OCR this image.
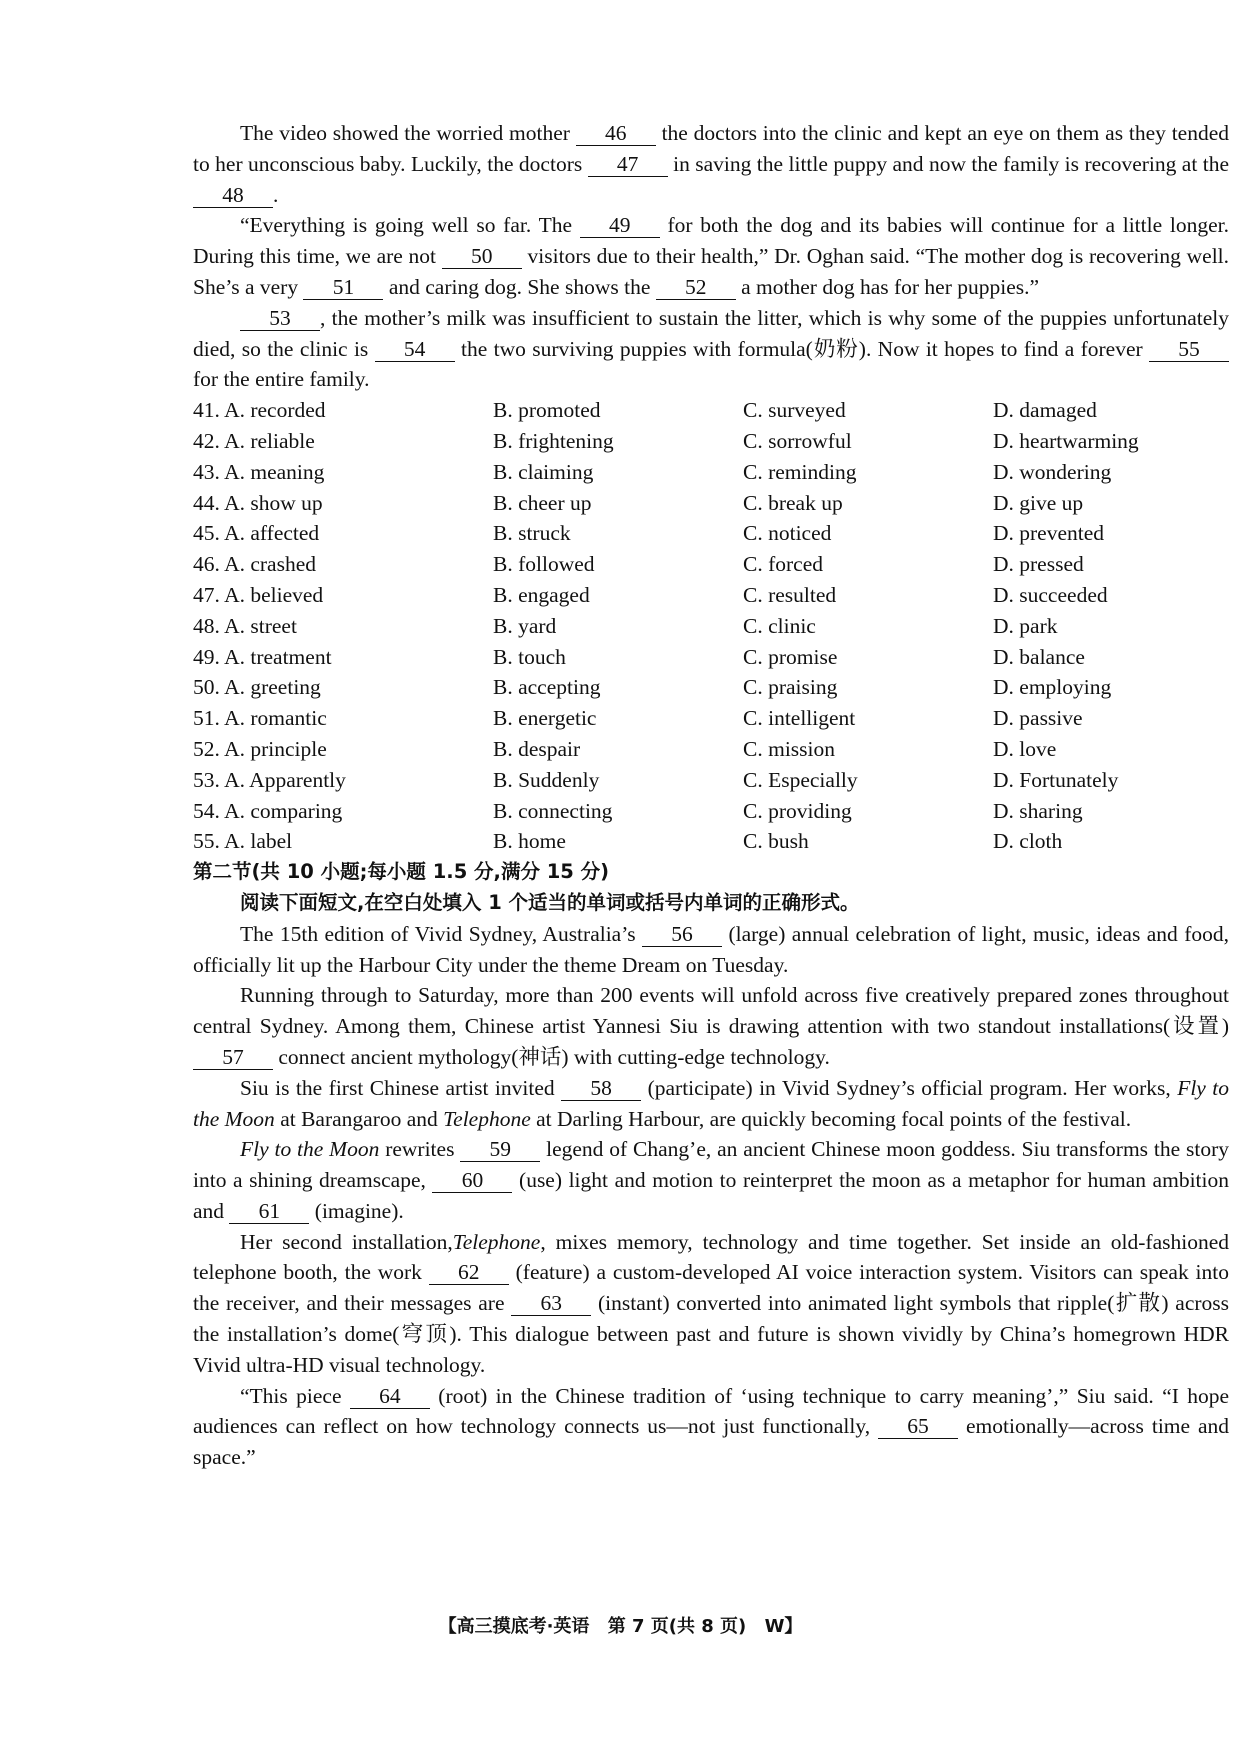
The video showed the worried mother 46 the doctors into the clinic and kept an eye on them as they tended to her unconscious baby. Luckily, the doctors 47 in saving the little puppy and now the family is recovering at the 48 .

“Everything is going well so far. The 49 for both the dog and its babies will continue for a little longer. During this time, we are not 50 visitors due to their health,” Dr. Oghan said. “The mother dog is recovering well. She’s a very 51 and caring dog. She shows the 52 a mother dog has for her puppies.”

53 , the mother’s milk was insufficient to sustain the litter, which is why some of the puppies unfortunately died, so the clinic is 54 the two surviving puppies with formula(奶粉). Now it hopes to find a forever 55 for the entire family.

41. A. recorded	B. promoted	C. surveyed	D. damaged
42. A. reliable	B. frightening	C. sorrowful	D. heartwarming
43. A. meaning	B. claiming	C. reminding	D. wondering
44. A. show up	B. cheer up	C. break up	D. give up
45. A. affected	B. struck	C. noticed	D. prevented
46. A. crashed	B. followed	C. forced	D. pressed
47. A. believed	B. engaged	C. resulted	D. succeeded
48. A. street	B. yard	C. clinic	D. park
49. A. treatment	B. touch	C. promise	D. balance
50. A. greeting	B. accepting	C. praising	D. employing
51. A. romantic	B. energetic	C. intelligent	D. passive
52. A. principle	B. despair	C. mission	D. love
53. A. Apparently	B. Suddenly	C. Especially	D. Fortunately
54. A. comparing	B. connecting	C. providing	D. sharing
55. A. label	B. home	C. bush	D. cloth

第二节(共 10 小题;每小题 1.5 分,满分 15 分)

阅读下面短文,在空白处填入 1 个适当的单词或括号内单词的正确形式。

The 15th edition of Vivid Sydney, Australia’s 56 (large) annual celebration of light, music, ideas and food, officially lit up the Harbour City under the theme Dream on Tuesday.

Running through to Saturday, more than 200 events will unfold across five creatively prepared zones throughout central Sydney. Among them, Chinese artist Yannesi Siu is drawing attention with two standout installations(设置) 57 connect ancient mythology(神话) with cutting-edge technology.

Siu is the first Chinese artist invited 58 (participate) in Vivid Sydney’s official program. Her works, Fly to the Moon at Barangaroo and Telephone at Darling Harbour, are quickly becoming focal points of the festival.

Fly to the Moon rewrites 59 legend of Chang’e, an ancient Chinese moon goddess. Siu transforms the story into a shining dreamscape, 60 (use) light and motion to reinterpret the moon as a metaphor for human ambition and 61 (imagine).

Her second installation,Telephone, mixes memory, technology and time together. Set inside an old-fashioned telephone booth, the work 62 (feature) a custom-developed AI voice interaction system. Visitors can speak into the receiver, and their messages are 63 (instant) converted into animated light symbols that ripple(扩散) across the installation’s dome(穹顶). This dialogue between past and future is shown vividly by China’s homegrown HDR Vivid ultra-HD visual technology.

“This piece 64 (root) in the Chinese tradition of ‘using technique to carry meaning’,” Siu said. “I hope audiences can reflect on how technology connects us—not just functionally, 65 emotionally—across time and space.”

【高三摸底考·英语 第 7 页(共 8 页) W】
